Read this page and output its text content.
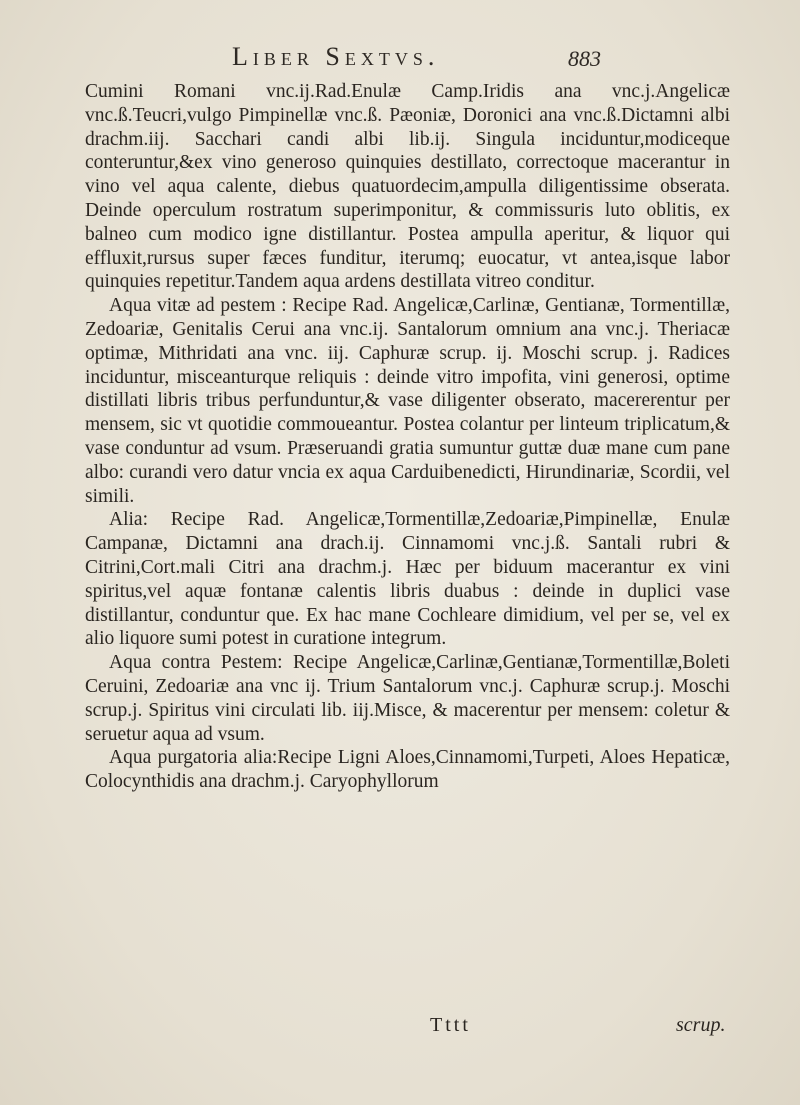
Liber Sextvs.	883

Cumini Romani vnc.ij.Rad.Enulæ Camp.Iridis ana vnc.j.Angelicæ vnc.ß.Teucri,vulgo Pimpinellæ vnc.ß. Pæoniæ, Doronici ana vnc.ß.Dictamni albi drachm.iij. Sacchari candi albi lib.ij. Singula inciduntur,modiceque conteruntur,&ex vino generoso quinquies destillato, correctoque macerantur in vino vel aqua calente, diebus quatuordecim,ampulla diligentissime obserata. Deinde operculum rostratum superimponitur, & commissuris luto oblitis, ex balneo cum modico igne distillantur. Postea ampulla aperitur, & liquor qui effluxit,rursus super fæces funditur, iterumq; euocatur, vt antea,isque labor quinquies repetitur.Tandem aqua ardens destillata vitreo conditur.

Aqua vitæ ad pestem : Recipe Rad. Angelicæ,Carlinæ, Gentianæ, Tormentillæ, Zedoariæ, Genitalis Cerui ana vnc.ij. Santalorum omnium ana vnc.j. Theriacæ optimæ, Mithridati ana vnc. iij. Caphuræ scrup. ij. Moschi scrup. j. Radices inciduntur, misceanturque reliquis : deinde vitro impofita, vini generosi, optime distillati libris tribus perfunduntur,& vase diligenter obserato, macererentur per mensem, sic vt quotidie commoueantur. Postea colantur per linteum triplicatum,& vase conduntur ad vsum. Præseruandi gratia sumuntur guttæ duæ mane cum pane albo: curandi vero datur vncia ex aqua Carduibenedicti, Hirundinariæ, Scordii, vel simili.

Alia: Recipe Rad. Angelicæ,Tormentillæ,Zedoariæ,Pimpinellæ, Enulæ Campanæ, Dictamni ana drach.ij. Cinnamomi vnc.j.ß. Santali rubri & Citrini,Cort.mali Citri ana drachm.j. Hæc per biduum macerantur ex vini spiritus,vel aquæ fontanæ calentis libris duabus : deinde in duplici vase distillantur, conduntur que. Ex hac mane Cochleare dimidium, vel per se, vel ex alio liquore sumi potest in curatione integrum.

Aqua contra Pestem: Recipe Angelicæ,Carlinæ,Gentianæ,Tormentillæ,Boleti Ceruini, Zedoariæ ana vnc ij. Trium Santalorum vnc.j. Caphuræ scrup.j. Moschi scrup.j. Spiritus vini circulati lib. iij.Misce, & macerentur per mensem: coletur & seruetur aqua ad vsum.

Aqua purgatoria alia:Recipe Ligni Aloes,Cinnamomi,Turpeti, Aloes Hepaticæ, Colocynthidis ana drachm.j. Caryophyllorum

Tttt	scrup.
